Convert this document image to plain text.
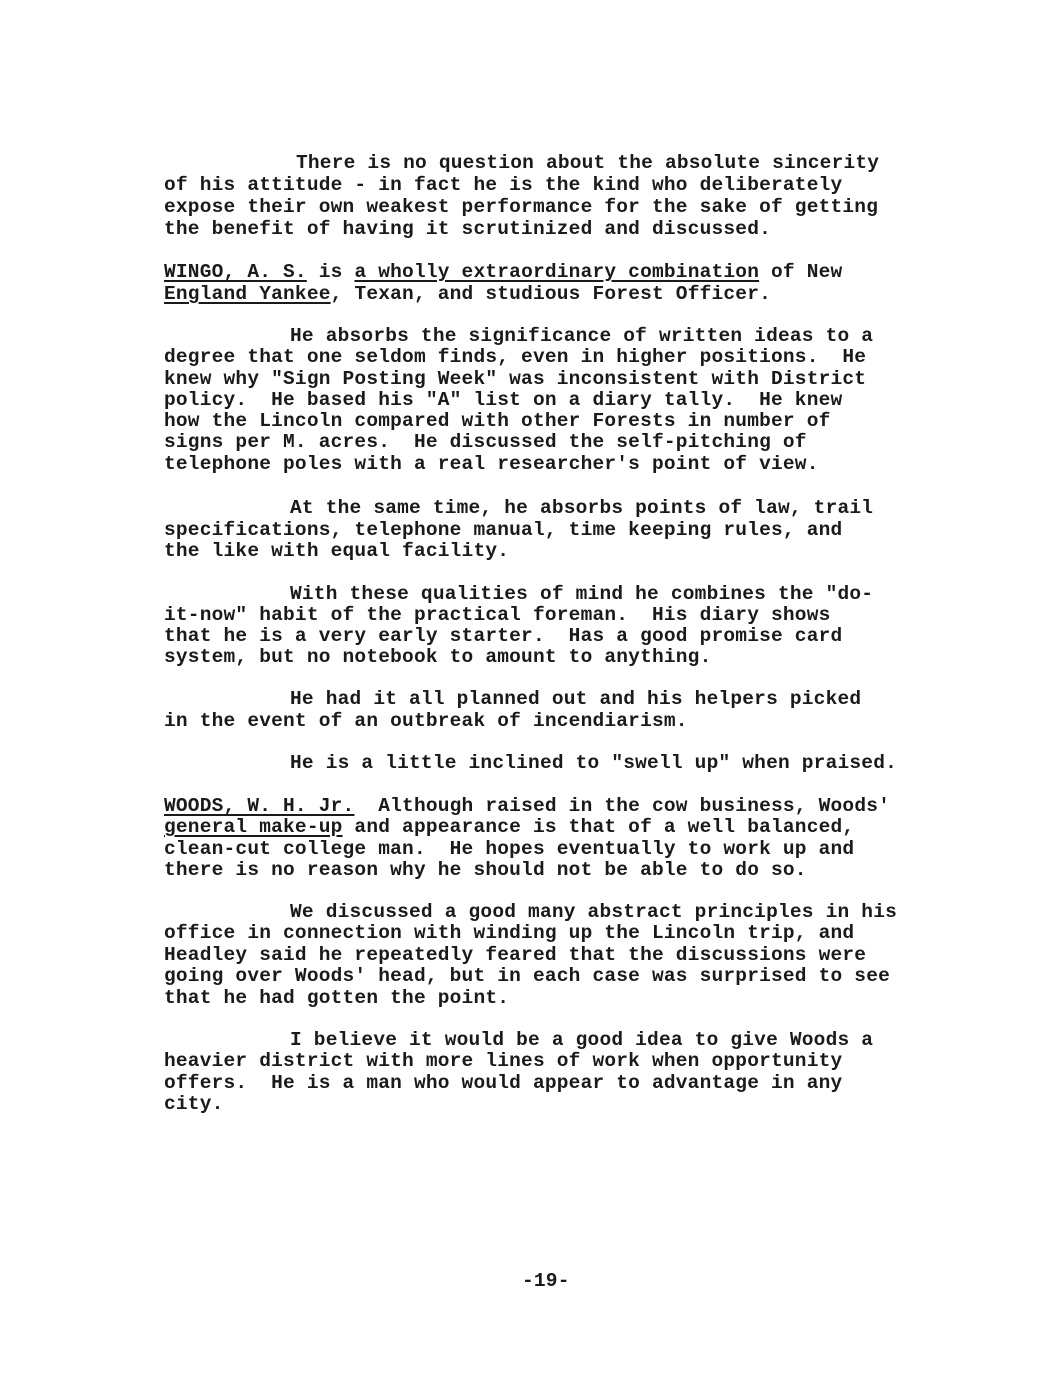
There is no question about the absolute sincerity
of his attitude - in fact he is the kind who deliberately
expose their own weakest performance for the sake of getting
the benefit of having it scrutinized and discussed.
WINGO, A. S. is a wholly extraordinary combination of New
England Yankee, Texan, and studious Forest Officer.
He absorbs the significance of written ideas to a
degree that one seldom finds, even in higher positions.  He
knew why "Sign Posting Week" was inconsistent with District
policy.  He based his "A" list on a diary tally.  He knew
how the Lincoln compared with other Forests in number of
signs per M. acres.  He discussed the self-pitching of
telephone poles with a real researcher's point of view.
At the same time, he absorbs points of law, trail
specifications, telephone manual, time keeping rules, and
the like with equal facility.
With these qualities of mind he combines the "do-
it-now" habit of the practical foreman.  His diary shows
that he is a very early starter.  Has a good promise card
system, but no notebook to amount to anything.
He had it all planned out and his helpers picked
in the event of an outbreak of incendiarism.
He is a little inclined to "swell up" when praised.
WOODS, W. H. Jr.  Although raised in the cow business, Woods'
general make-up and appearance is that of a well balanced,
clean-cut college man.  He hopes eventually to work up and
there is no reason why he should not be able to do so.
We discussed a good many abstract principles in his
office in connection with winding up the Lincoln trip, and
Headley said he repeatedly feared that the discussions were
going over Woods' head, but in each case was surprised to see
that he had gotten the point.
I believe it would be a good idea to give Woods a
heavier district with more lines of work when opportunity
offers.  He is a man who would appear to advantage in any
city.
-19-
